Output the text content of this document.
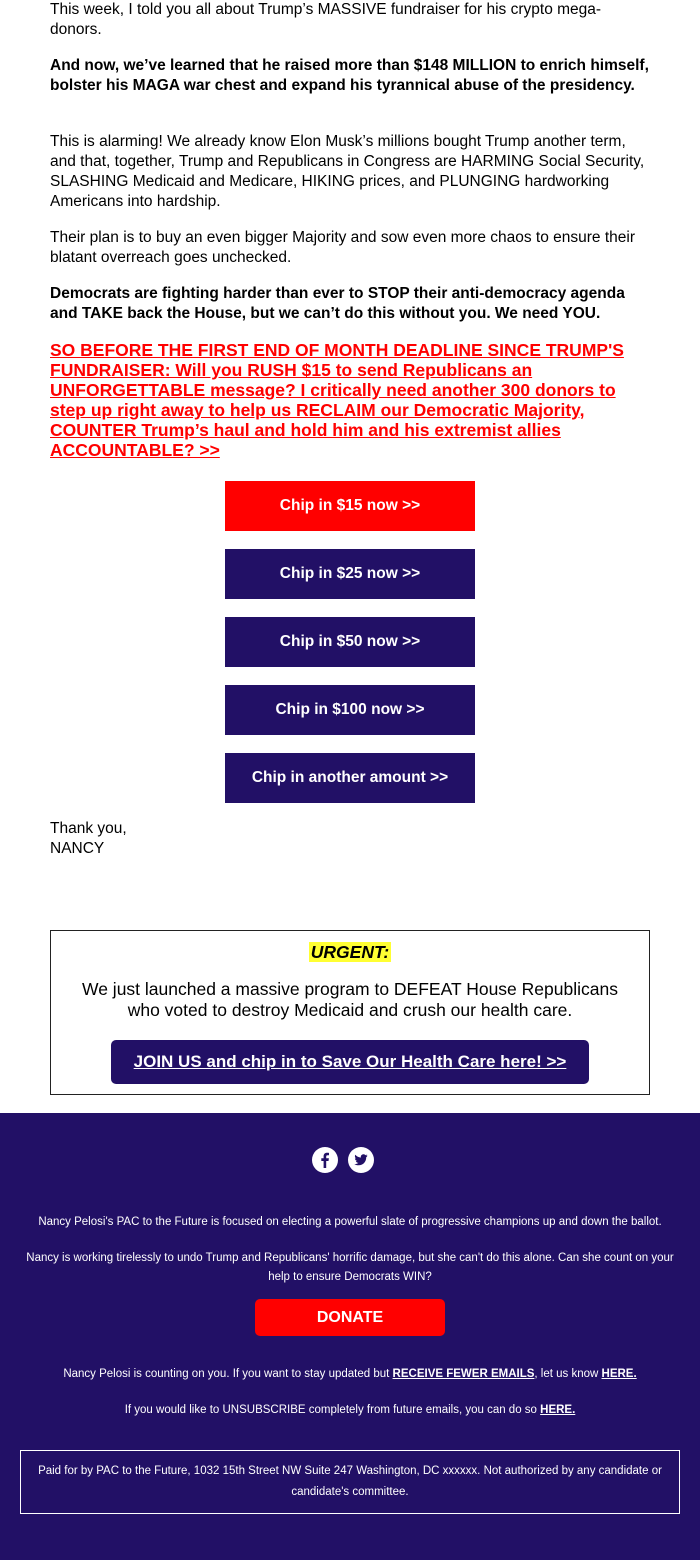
This week, I told you all about Trump’s MASSIVE fundraiser for his crypto mega-donors.

And now, we’ve learned that he raised more than $148 MILLION to enrich himself, bolster his MAGA war chest and expand his tyrannical abuse of the presidency.

This is alarming! We already know Elon Musk’s millions bought Trump another term, and that, together, Trump and Republicans in Congress are HARMING Social Security, SLASHING Medicaid and Medicare, HIKING prices, and PLUNGING hardworking Americans into hardship.

Their plan is to buy an even bigger Majority and sow even more chaos to ensure their blatant overreach goes unchecked.

Democrats are fighting harder than ever to STOP their anti-democracy agenda and TAKE back the House, but we can’t do this without you. We need YOU.

SO BEFORE THE FIRST END OF MONTH DEADLINE SINCE TRUMP'S FUNDRAISER: Will you RUSH $15 to send Republicans an UNFORGETTABLE message? I critically need another 300 donors to step up right away to help us RECLAIM our Democratic Majority, COUNTER Trump’s haul and hold him and his extremist allies ACCOUNTABLE? >>
Chip in $15 now >>
Chip in $25 now >>
Chip in $50 now >>
Chip in $100 now >>
Chip in another amount >>
Thank you,
NANCY
URGENT:
We just launched a massive program to DEFEAT House Republicans who voted to destroy Medicaid and crush our health care.
JOIN US and chip in to Save Our Health Care here! >>

Nancy Pelosi's PAC to the Future is focused on electing a powerful slate of progressive champions up and down the ballot.

Nancy is working tirelessly to undo Trump and Republicans' horrific damage, but she can't do this alone. Can she count on your help to ensure Democrats WIN?

DONATE

Nancy Pelosi is counting on you. If you want to stay updated but RECEIVE FEWER EMAILS, let us know HERE.

If you would like to UNSUBSCRIBE completely from future emails, you can do so HERE.

Paid for by PAC to the Future, 1032 15th Street NW Suite 247 Washington, DC xxxxxx. Not authorized by any candidate or candidate's committee.
